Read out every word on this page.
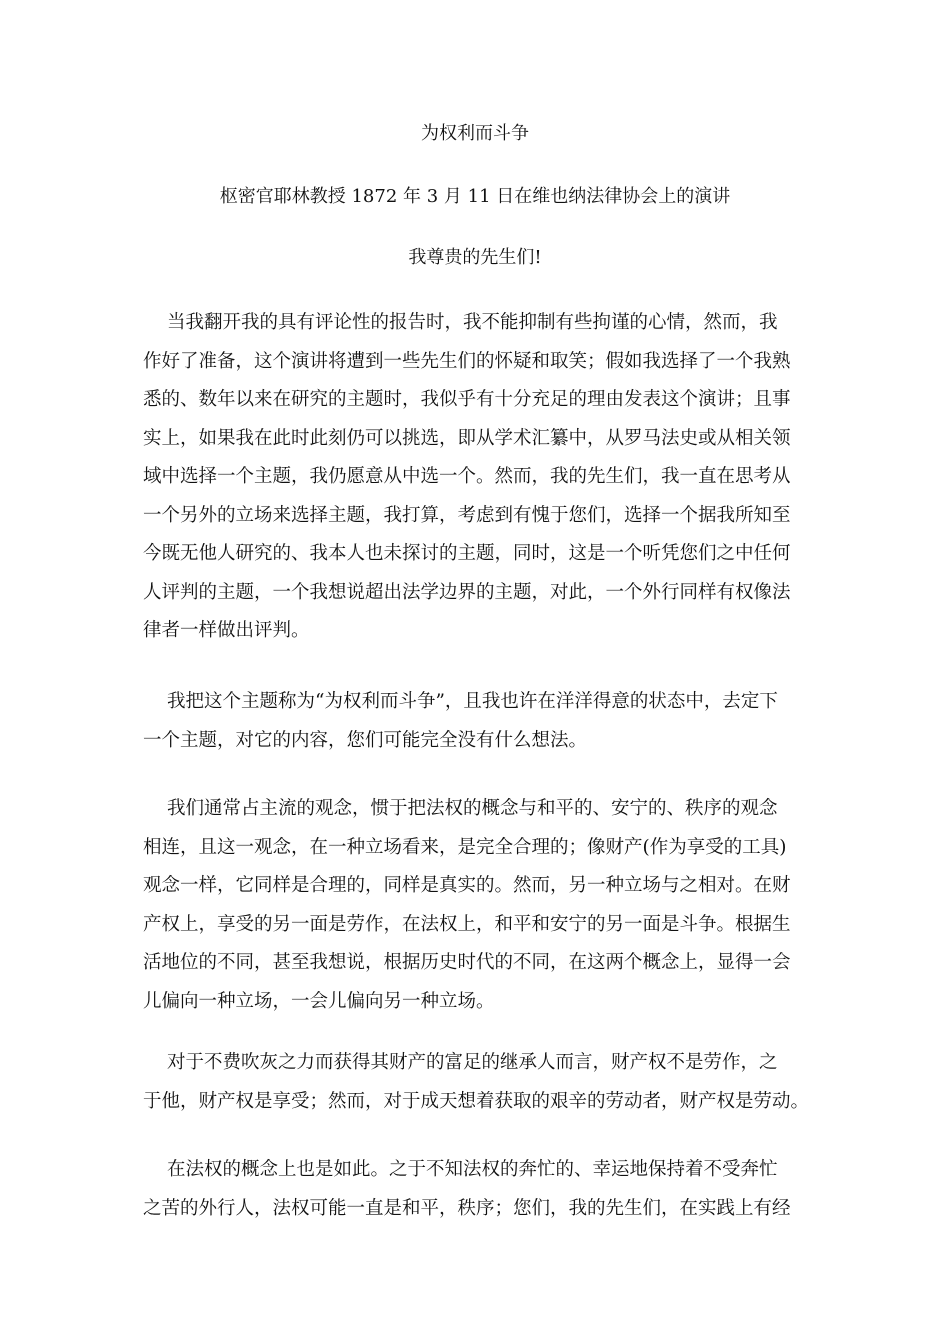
为权利而斗争
枢密官耶林教授 1872 年 3 月 11 日在维也纳法律协会上的演讲
我尊贵的先生们!
当我翻开我的具有评论性的报告时，我不能抑制有些拘谨的心情，然而，我
作好了准备，这个演讲将遭到一些先生们的怀疑和取笑；假如我选择了一个我熟
悉的、数年以来在研究的主题时，我似乎有十分充足的理由发表这个演讲；且事
实上，如果我在此时此刻仍可以挑选，即从学术汇纂中，从罗马法史或从相关领
域中选择一个主题，我仍愿意从中选一个。然而，我的先生们，我一直在思考从
一个另外的立场来选择主题，我打算，考虑到有愧于您们，选择一个据我所知至
今既无他人研究的、我本人也未探讨的主题，同时，这是一个听凭您们之中任何
人评判的主题，一个我想说超出法学边界的主题，对此，一个外行同样有权像法
律者一样做出评判。
我把这个主题称为“为权利而斗争”，且我也许在洋洋得意的状态中，去定下
一个主题，对它的内容，您们可能完全没有什么想法。
我们通常占主流的观念，惯于把法权的概念与和平的、安宁的、秩序的观念
相连，且这一观念，在一种立场看来，是完全合理的；像财产(作为享受的工具)
观念一样，它同样是合理的，同样是真实的。然而，另一种立场与之相对。在财
产权上，享受的另一面是劳作，在法权上，和平和安宁的另一面是斗争。根据生
活地位的不同，甚至我想说，根据历史时代的不同，在这两个概念上，显得一会
儿偏向一种立场，一会儿偏向另一种立场。
对于不费吹灰之力而获得其财产的富足的继承人而言，财产权不是劳作，之
于他，财产权是享受；然而，对于成天想着获取的艰辛的劳动者，财产权是劳动。
在法权的概念上也是如此。之于不知法权的奔忙的、幸运地保持着不受奔忙
之苦的外行人，法权可能一直是和平，秩序；您们，我的先生们，在实践上有经
